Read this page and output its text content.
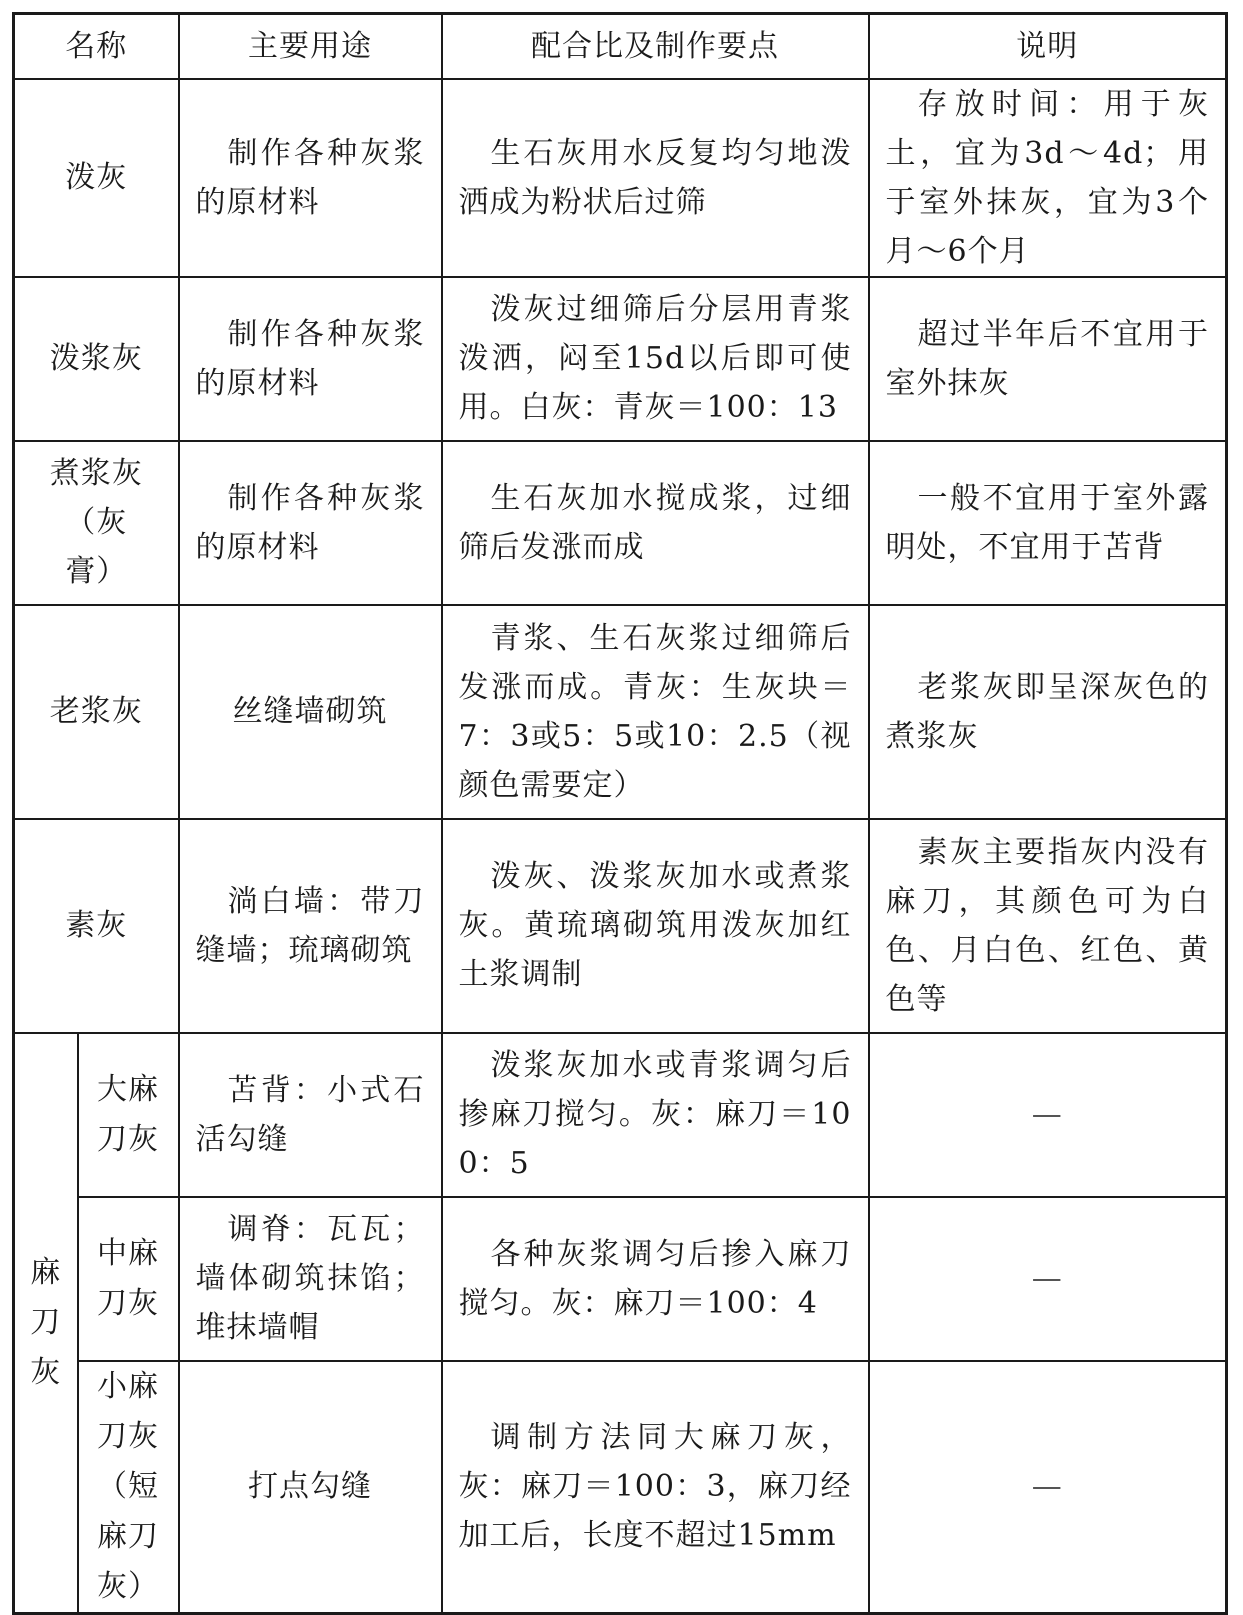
名称		主要用途	配合比及制作要点	说明
泼灰		制作各种灰浆的原材料	生石灰用水反复均匀地泼洒成为粉状后过筛	存放时间：用于灰土，宜为3d～4d；用于室外抹灰，宜为3个月～6个月
泼浆灰		制作各种灰浆的原材料	泼灰过细筛后分层用青浆泼洒，闷至15d以后即可使用。白灰：青灰＝100：13	超过半年后不宜用于室外抹灰
煮浆灰（灰膏）		制作各种灰浆的原材料	生石灰加水搅成浆，过细筛后发涨而成	一般不宜用于室外露明处，不宜用于苫背
老浆灰		丝缝墙砌筑	青浆、生石灰浆过细筛后发涨而成。青灰：生灰块＝7：3或5：5或10：2.5（视颜色需要定）	老浆灰即呈深灰色的煮浆灰
素灰		淌白墙：带刀缝墙；琉璃砌筑	泼灰、泼浆灰加水或煮浆灰。黄琉璃砌筑用泼灰加红土浆调制	素灰主要指灰内没有麻刀，其颜色可为白色、月白色、红色、黄色等
麻刀灰	大麻刀灰	苫背：小式石活勾缝	泼浆灰加水或青浆调匀后掺麻刀搅匀。灰：麻刀＝100：5	—
	中麻刀灰	调脊：瓦瓦；墙体砌筑抹馅；堆抹墙帽	各种灰浆调匀后掺入麻刀搅匀。灰：麻刀＝100：4	—
	小麻刀灰（短麻刀灰）	打点勾缝	调制方法同大麻刀灰，灰：麻刀＝100：3，麻刀经加工后，长度不超过15mm	—
